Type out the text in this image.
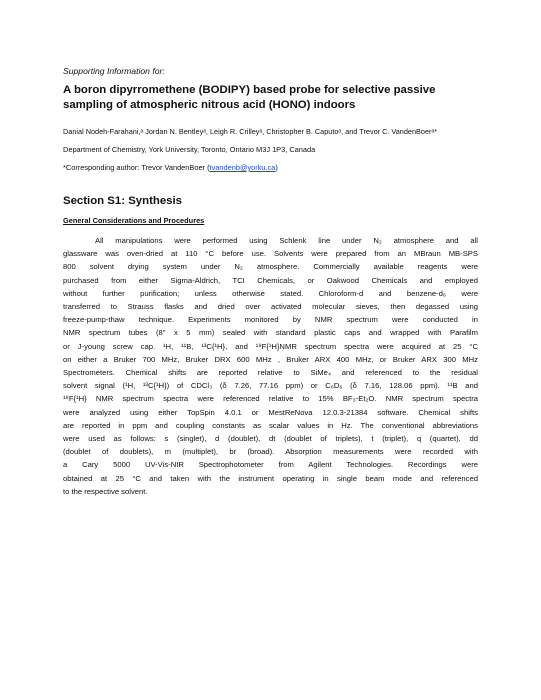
Supporting Information for:
A boron dipyrromethene (BODIPY) based probe for selective passive sampling of atmospheric nitrous acid (HONO) indoors
Danial Nodeh-Farahani,ᵃ Jordan N. Bentleyᵃ, Leigh R. Crilleyᵃ, Christopher B. Caputoᵃ, and Trevor C. VandenBoerᵃ*
Department of Chemistry, York University, Toronto, Ontario M3J 1P3, Canada
*Corresponding author: Trevor VandenBoer (tvandenb@yorku.ca)
Section S1: Synthesis
General Considerations and Procedures
All manipulations were performed using Schlenk line under N₂ atmosphere and all
glassware was oven-dried at 110 °C before use. Solvents were prepared from an MBraun MB-SPS
800 solvent drying system under N₂ atmosphere. Commercially available reagents were
purchased from either Sigma-Aldrich, TCI Chemicals, or Oakwood Chemicals and employed
without further purification; unless otherwise stated. Chloroform-d and benzene-d₆ were
transferred to Strauss flasks and dried over activated molecular sieves, then degassed using
freeze-pump-thaw technique. Experiments monitored by NMR spectrum were conducted in
NMR spectrum tubes (8" x 5 mm) sealed with standard plastic caps and wrapped with Parafilm
or J-young screw cap. ¹H, ¹¹B, ¹³C{¹H}, and ¹⁹F{¹H}NMR spectrum spectra were acquired at 25 °C
on either a Bruker 700 MHz, Bruker DRX 600 MHz , Bruker ARX 400 MHz, or Bruker ARX 300 MHz
Spectrometers. Chemical shifts are reported relative to SiMe₄ and referenced to the residual
solvent signal (¹H, ¹³C{¹H}) of CDCl₃ (δ 7.26, 77.16 ppm) or C₆D₆ (δ 7.16, 128.06 ppm). ¹¹B and
¹⁹F{¹H} NMR spectrum spectra were referenced relative to 15% BF₃-Et₂O. NMR spectrum spectra
were analyzed using either TopSpin 4.0.1 or MestReNova 12.0.3-21384 software. Chemical shifts
are reported in ppm and coupling constants as scalar values in Hz. The conventional abbreviations
were used as follows: s (singlet), d (doublet), dt (doublet of triplets), t (triplet), q (quartet), dd
(doublet of doublets), m (multiplet), br (broad). Absorption measurements were recorded with
a Cary 5000 UV-Vis-NIR Spectrophotometer from Agilent Technologies. Recordings were
obtained at 25 °C and taken with the instrument operating in single beam mode and referenced
to the respective solvent.
